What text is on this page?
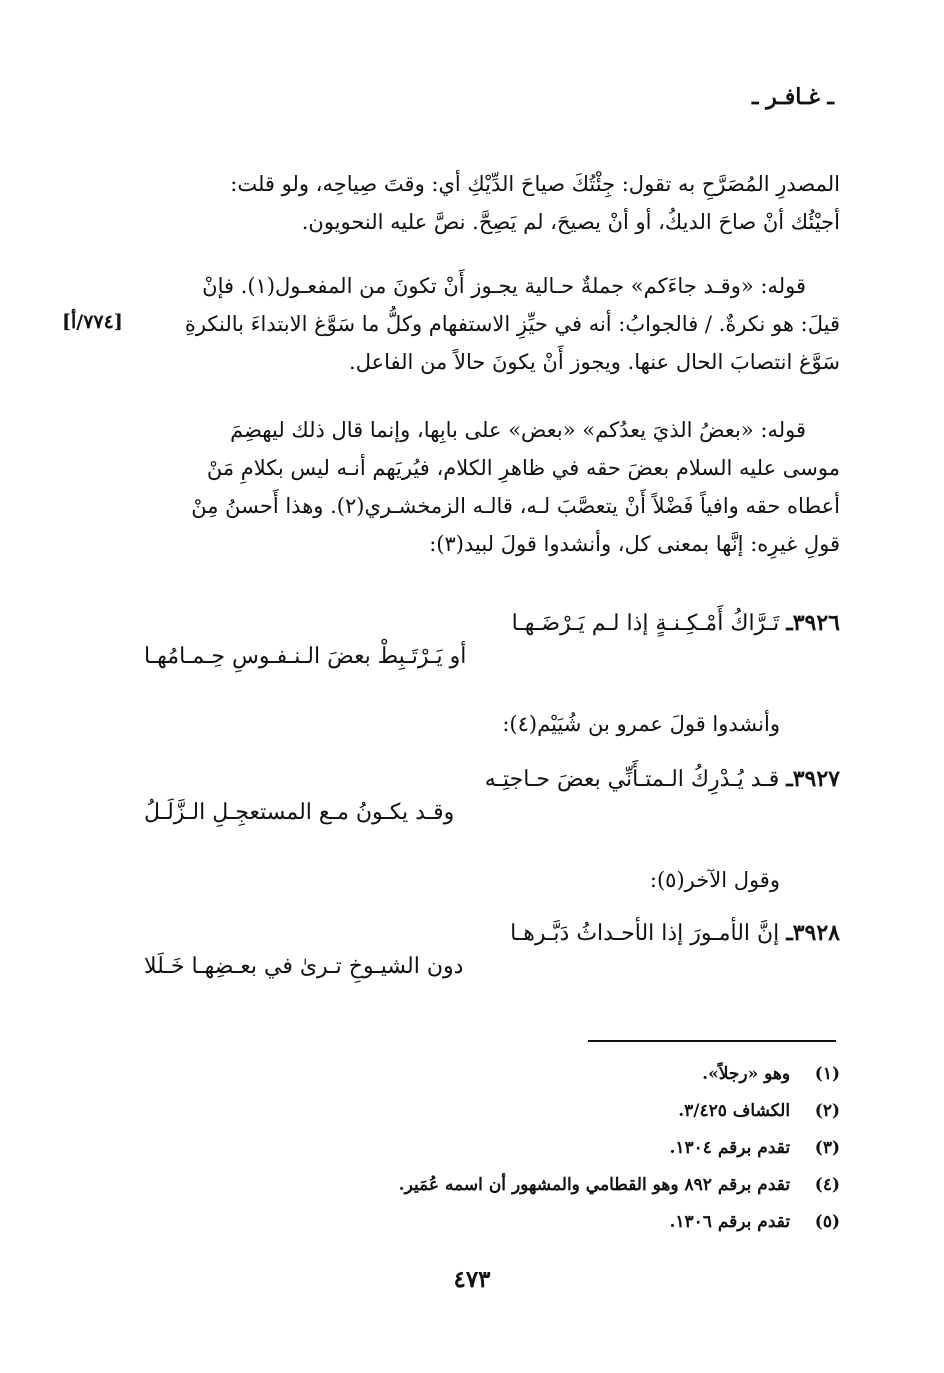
ـ غـافـر ـ
المصدرِ المُصَرَّحِ به تقول: جِئْتُكَ صياحَ الدِّيْكِ أي: وقتَ صِياحِه، ولو قلت:
أجيْئُك أنْ صاحَ الديكُ، أو أنْ يصيحَ، لم يَصِحَّ. نصَّ عليه النحويون.
قوله: «وقـد جاءَكم» جملةٌ حـالية يجـوز أَنْ تكونَ من المفعـول(١). فإنْ
قيلَ: هو نكرةٌ. / فالجوابُ: أنه في حيِّزِ الاستفهام وكلُّ ما سَوَّغ الابتداءَ بالنكرةِ
سَوَّغ انتصابَ الحال عنها. ويجوز أَنْ يكونَ حالاً من الفاعل.
[٧٧٤/أ]
قوله: «بعضُ الذيَ يعدُكم» «بعض» على بابِها، وإنما قال ذلك ليهضِمَ
موسى عليه السلام بعضَ حقه في ظاهرِ الكلام، فيُريَهم أنـه ليس بكلامِ مَنْ
أعطاه حقه وافياً فَضْلاً أَنْ يتعصَّبَ لـه، قالـه الزمخشـري(٢). وهذا أَحسنُ مِنْ
قولِ غيرِه: إنَّها بمعنى كل، وأنشدوا قولَ لبيد(٣):
٣٩٢٦ـ تَـرَّاكُ أَمْـكِـنـةٍ إذا لـم يَـرْضَـهـا
أو يَـرْتَـبِطْ بعضَ الـنـفـوسِ حِـمـامُهـا
وأنشدوا قولَ عمرو بن شُيَيْم(٤):
٣٩٢٧ـ قـد يُـدْرِكُ الـمتـأَنِّي بعضَ حـاجتِـه
وقـد يكـونُ مـع المستعجِـلِ الـزَّلَـلُ
وقول الآخر(٥):
٣٩٢٨ـ إنَّ الأمـورَ إذا الأحـداثُ دَبَّـرهـا
دون الشيـوخِ تـرىٰ في بعـضِهـا خَـلَلا
(١) وهو «رجلاً».
(٢) الكشاف ٣/٤٢٥.
(٣) تقدم برقم ١٣٠٤.
(٤) تقدم برقم ٨٩٢ وهو القطامي والمشهور أن اسمه عُمَير.
(٥) تقدم برقم ١٣٠٦.
٤٧٣
